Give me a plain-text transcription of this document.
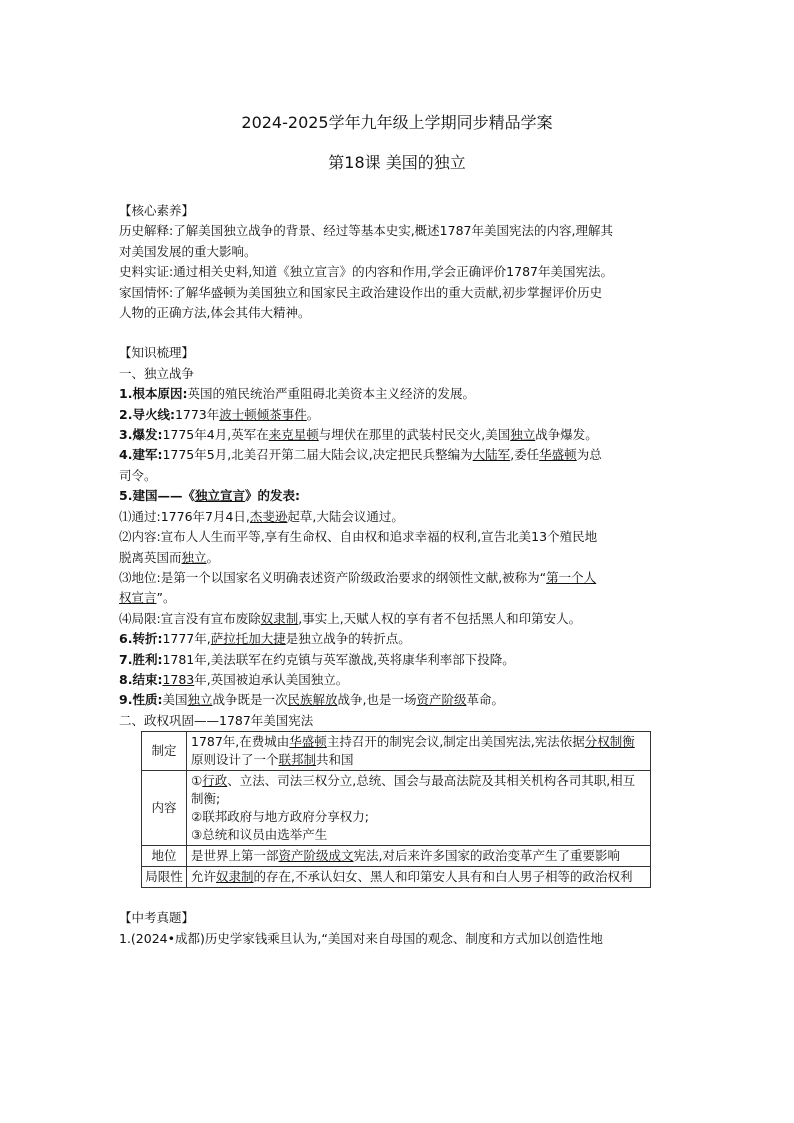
2024-2025学年九年级上学期同步精品学案
第18课 美国的独立
【核心素养】
历史解释:了解美国独立战争的背景、经过等基本史实,概述1787年美国宪法的内容,理解其
对美国发展的重大影响。
史料实证:通过相关史料,知道《独立宣言》的内容和作用,学会正确评价1787年美国宪法。
家国情怀:了解华盛顿为美国独立和国家民主政治建设作出的重大贡献,初步掌握评价历史
人物的正确方法,体会其伟大精神。
【知识梳理】
一、独立战争
1.根本原因:英国的殖民统治严重阻碍北美资本主义经济的发展。
2.导火线:1773年波士顿倾茶事件。
3.爆发:1775年4月,英军在来克星顿与埋伏在那里的武装村民交火,美国独立战争爆发。
4.建军:1775年5月,北美召开第二届大陆会议,决定把民兵整编为大陆军,委任华盛顿为总
司令。
5.建国——《独立宣言》的发表:
⑴通过:1776年7月4日,杰斐逊起草,大陆会议通过。
⑵内容:宣布人人生而平等,享有生命权、自由权和追求幸福的权利,宣告北美13个殖民地
脱离英国而独立。
⑶地位:是第一个以国家名义明确表述资产阶级政治要求的纲领性文献,被称为“第一个人
权宣言”。
⑷局限:宣言没有宣布废除奴隶制,事实上,天赋人权的享有者不包括黑人和印第安人。
6.转折:1777年,萨拉托加大捷是独立战争的转折点。
7.胜利:1781年,美法联军在约克镇与英军激战,英将康华利率部下投降。
8.结束:1783年,英国被迫承认美国独立。
9.性质:美国独立战争既是一次民族解放战争,也是一场资产阶级革命。
二、政权巩固——1787年美国宪法
制定	1787年,在费城由华盛顿主持召开的制宪会议,制定出美国宪法,宪法依据分权制衡原则设计了一个联邦制共和国
内容	①行政、立法、司法三权分立,总统、国会与最高法院及其相关机构各司其职,相互制衡;
②联邦政府与地方政府分享权力;
③总统和议员由选举产生

地位	是世界上第一部资产阶级成文宪法,对后来许多国家的政治变革产生了重要影响
局限性	允许奴隶制的存在,不承认妇女、黑人和印第安人具有和白人男子相等的政治权利
【中考真题】
1.(2024•成都)历史学家钱乘旦认为,“美国对来自母国的观念、制度和方式加以创造性地
